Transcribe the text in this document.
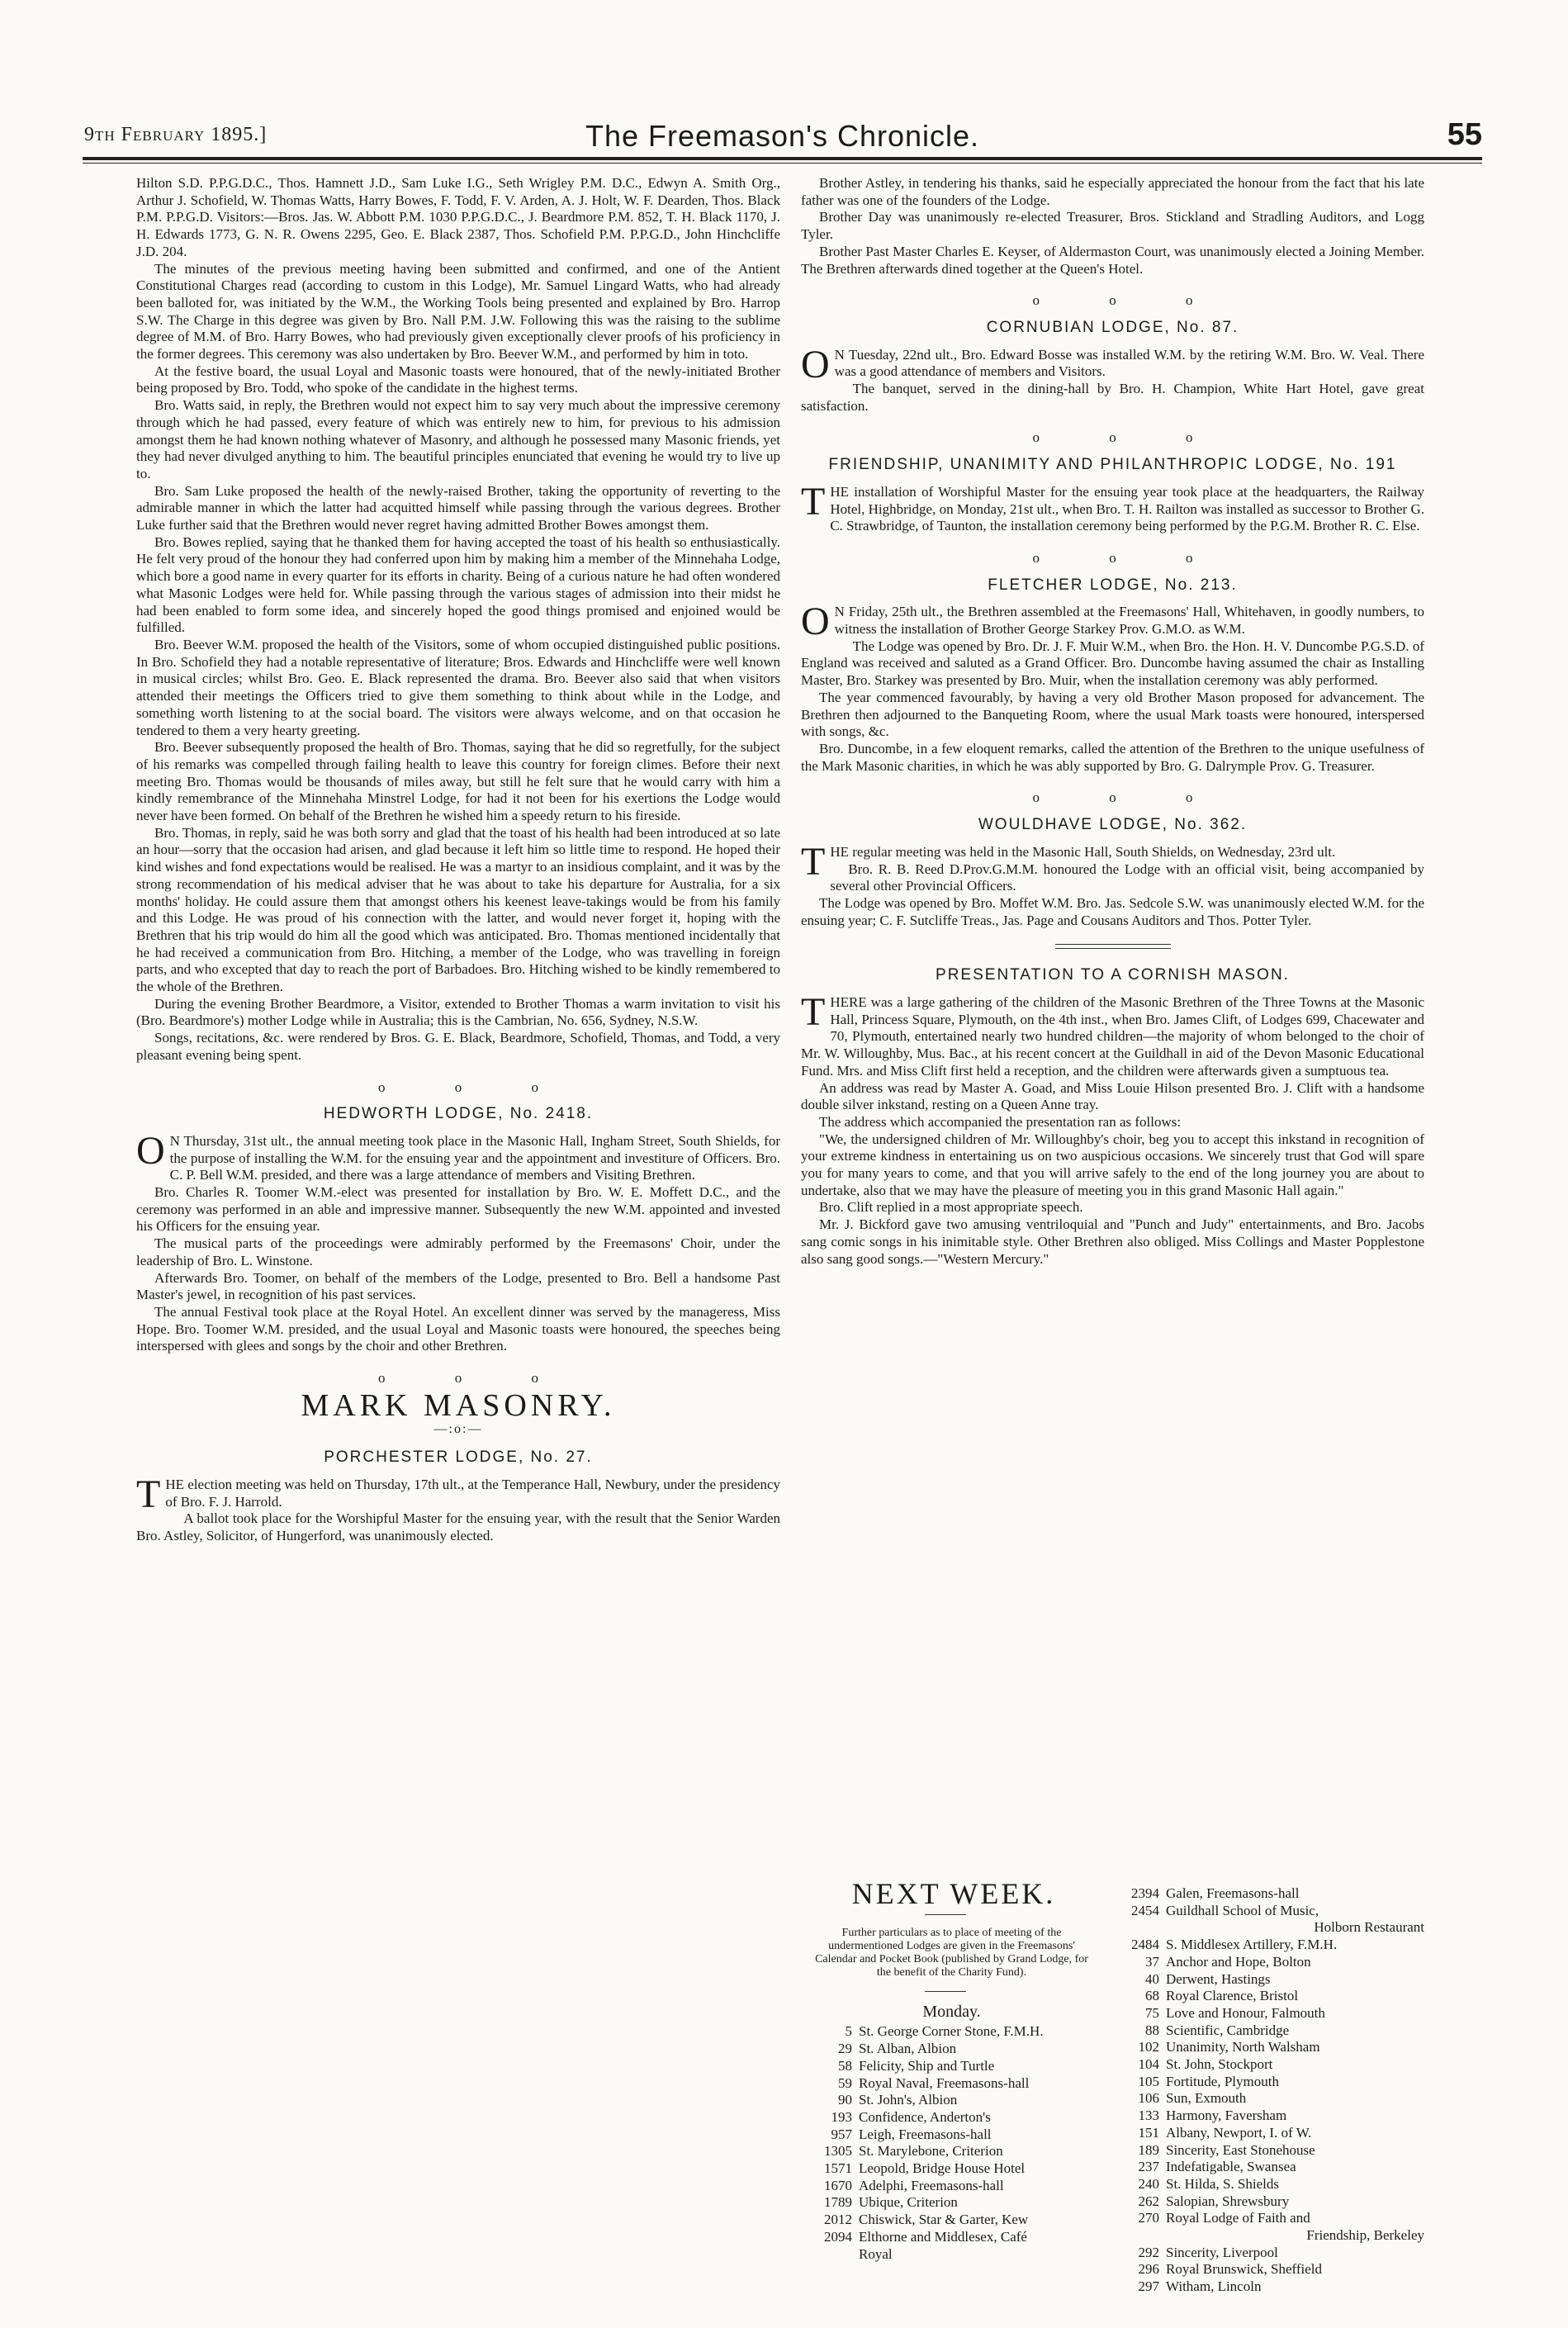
9th February 1895.]	The Freemason's Chronicle.	55

Hilton S.D. P.P.G.D.C., Thos. Hamnett J.D., Sam Luke I.G., Seth Wrigley P.M. D.C., Edwyn A. Smith Org., Arthur J. Schofield, W. Thomas Watts, Harry Bowes, F. Todd, F. V. Arden, A. J. Holt, W. F. Dearden, Thos. Black P.M. P.P.G.D. Visitors:—Bros. Jas. W. Abbott P.M. 1030 P.P.G.D.C., J. Beardmore P.M. 852, T. H. Black 1170, J. H. Edwards 1773, G. N. R. Owens 2295, Geo. E. Black 2387, Thos. Schofield P.M. P.P.G.D., John Hinchcliffe J.D. 204.

The minutes of the previous meeting having been submitted and confirmed, and one of the Antient Constitutional Charges read (according to custom in this Lodge), Mr. Samuel Lingard Watts, who had already been balloted for, was initiated by the W.M., the Working Tools being presented and explained by Bro. Harrop S.W. The Charge in this degree was given by Bro. Nall P.M. J.W. Following this was the raising to the sublime degree of M.M. of Bro. Harry Bowes, who had previously given exceptionally clever proofs of his proficiency in the former degrees. This ceremony was also undertaken by Bro. Beever W.M., and performed by him in toto.

At the festive board, the usual Loyal and Masonic toasts were honoured, that of the newly-initiated Brother being proposed by Bro. Todd, who spoke of the candidate in the highest terms.

Bro. Watts said, in reply, the Brethren would not expect him to say very much about the impressive ceremony through which he had passed, every feature of which was entirely new to him, for previous to his admission amongst them he had known nothing whatever of Masonry, and although he possessed many Masonic friends, yet they had never divulged anything to him. The beautiful principles enunciated that evening he would try to live up to.

Bro. Sam Luke proposed the health of the newly-raised Brother, taking the opportunity of reverting to the admirable manner in which the latter had acquitted himself while passing through the various degrees. Brother Luke further said that the Brethren would never regret having admitted Brother Bowes amongst them.

Bro. Bowes replied, saying that he thanked them for having accepted the toast of his health so enthusiastically. He felt very proud of the honour they had conferred upon him by making him a member of the Minnehaha Lodge, which bore a good name in every quarter for its efforts in charity. Being of a curious nature he had often wondered what Masonic Lodges were held for. While passing through the various stages of admission into their midst he had been enabled to form some idea, and sincerely hoped the good things promised and enjoined would be fulfilled.

Bro. Beever W.M. proposed the health of the Visitors, some of whom occupied distinguished public positions. In Bro. Schofield they had a notable representative of literature; Bros. Edwards and Hinchcliffe were well known in musical circles; whilst Bro. Geo. E. Black represented the drama. Bro. Beever also said that when visitors attended their meetings the Officers tried to give them something to think about while in the Lodge, and something worth listening to at the social board. The visitors were always welcome, and on that occasion he tendered to them a very hearty greeting.

Bro. Beever subsequently proposed the health of Bro. Thomas, saying that he did so regretfully, for the subject of his remarks was compelled through failing health to leave this country for foreign climes. Before their next meeting Bro. Thomas would be thousands of miles away, but still he felt sure that he would carry with him a kindly remembrance of the Minnehaha Minstrel Lodge, for had it not been for his exertions the Lodge would never have been formed. On behalf of the Brethren he wished him a speedy return to his fireside.

Bro. Thomas, in reply, said he was both sorry and glad that the toast of his health had been introduced at so late an hour—sorry that the occasion had arisen, and glad because it left him so little time to respond. He hoped their kind wishes and fond expectations would be realised. He was a martyr to an insidious complaint, and it was by the strong recommendation of his medical adviser that he was about to take his departure for Australia, for a six months' holiday. He could assure them that amongst others his keenest leave-takings would be from his family and this Lodge. He was proud of his connection with the latter, and would never forget it, hoping with the Brethren that his trip would do him all the good which was anticipated. Bro. Thomas mentioned incidentally that he had received a communication from Bro. Hitching, a member of the Lodge, who was travelling in foreign parts, and who excepted that day to reach the port of Barbadoes. Bro. Hitching wished to be kindly remembered to the whole of the Brethren.

During the evening Brother Beardmore, a Visitor, extended to Brother Thomas a warm invitation to visit his (Bro. Beardmore's) mother Lodge while in Australia; this is the Cambrian, No. 656, Sydney, N.S.W.

Songs, recitations, &c. were rendered by Bros. G. E. Black, Beardmore, Schofield, Thomas, and Todd, a very pleasant evening being spent.

o o o
HEDWORTH LODGE, No. 2418.

O N Thursday, 31st ult., the annual meeting took place in the Masonic Hall, Ingham Street, South Shields, for the purpose of installing the W.M. for the ensuing year and the appointment and investiture of Officers. Bro. C. P. Bell W.M. presided, and there was a large attendance of members and Visiting Brethren.

Bro. Charles R. Toomer W.M.-elect was presented for installation by Bro. W. E. Moffett D.C., and the ceremony was performed in an able and impressive manner. Subsequently the new W.M. appointed and invested his Officers for the ensuing year.

The musical parts of the proceedings were admirably performed by the Freemasons' Choir, under the leadership of Bro. L. Winstone.

Afterwards Bro. Toomer, on behalf of the members of the Lodge, presented to Bro. Bell a handsome Past Master's jewel, in recognition of his past services.

The annual Festival took place at the Royal Hotel. An excellent dinner was served by the manageress, Miss Hope. Bro. Toomer W.M. presided, and the usual Loyal and Masonic toasts were honoured, the speeches being interspersed with glees and songs by the choir and other Brethren.

o o o
MARK MASONRY.
—:o:—
PORCHESTER LODGE, No. 27.

THE election meeting was held on Thursday, 17th ult., at the Temperance Hall, Newbury, under the presidency of Bro. F. J. Harrold.

A ballot took place for the Worshipful Master for the ensuing year, with the result that the Senior Warden Bro. Astley, Solicitor, of Hungerford, was unanimously elected.

Brother Astley, in tendering his thanks, said he especially appreciated the honour from the fact that his late father was one of the founders of the Lodge.

Brother Day was unanimously re-elected Treasurer, Bros. Stickland and Stradling Auditors, and Logg Tyler.

Brother Past Master Charles E. Keyser, of Aldermaston Court, was unanimously elected a Joining Member. The Brethren afterwards dined together at the Queen's Hotel.

o o o
CORNUBIAN LODGE, No. 87.

O N Tuesday, 22nd ult., Bro. Edward Bosse was installed W.M. by the retiring W.M. Bro. W. Veal. There was a good attendance of members and Visitors.

The banquet, served in the dining-hall by Bro. H. Champion, White Hart Hotel, gave great satisfaction.

o o o
FRIENDSHIP, UNANIMITY AND PHILANTHROPIC LODGE, No. 191

THE installation of Worshipful Master for the ensuing year took place at the headquarters, the Railway Hotel, Highbridge, on Monday, 21st ult., when Bro. T. H. Railton was installed as successor to Brother G. C. Strawbridge, of Taunton, the installation ceremony being performed by the P.G.M. Brother R. C. Else.

o o o
FLETCHER LODGE, No. 213.

O N Friday, 25th ult., the Brethren assembled at the Freemasons' Hall, Whitehaven, in goodly numbers, to witness the installation of Brother George Starkey Prov. G.M.O. as W.M.

The Lodge was opened by Bro. Dr. J. F. Muir W.M., when Bro. the Hon. H. V. Duncombe P.G.S.D. of England was received and saluted as a Grand Officer. Bro. Duncombe having assumed the chair as Installing Master, Bro. Starkey was presented by Bro. Muir, when the installation ceremony was ably performed.

The year commenced favourably, by having a very old Brother Mason proposed for advancement. The Brethren then adjourned to the Banqueting Room, where the usual Mark toasts were honoured, interspersed with songs, &c.

Bro. Duncombe, in a few eloquent remarks, called the attention of the Brethren to the unique usefulness of the Mark Masonic charities, in which he was ably supported by Bro. G. Dalrymple Prov. G. Treasurer.

o o o
WOULDHAVE LODGE, No. 362.

THE regular meeting was held in the Masonic Hall, South Shields, on Wednesday, 23rd ult.

Bro. R. B. Reed D.Prov.G.M.M. honoured the Lodge with an official visit, being accompanied by several other Provincial Officers.

The Lodge was opened by Bro. Moffet W.M. Bro. Jas. Sedcole S.W. was unanimously elected W.M. for the ensuing year; C. F. Sutcliffe Treas., Jas. Page and Cousans Auditors and Thos. Potter Tyler.

PRESENTATION TO A CORNISH MASON.

THERE was a large gathering of the children of the Masonic Brethren of the Three Towns at the Masonic Hall, Princess Square, Plymouth, on the 4th inst., when Bro. James Clift, of Lodges 699, Chacewater and 70, Plymouth, entertained nearly two hundred children—the majority of whom belonged to the choir of Mr. W. Willoughby, Mus. Bac., at his recent concert at the Guildhall in aid of the Devon Masonic Educational Fund. Mrs. and Miss Clift first held a reception, and the children were afterwards given a sumptuous tea.

An address was read by Master A. Goad, and Miss Louie Hilson presented Bro. J. Clift with a handsome double silver inkstand, resting on a Queen Anne tray.

The address which accompanied the presentation ran as follows:

"We, the undersigned children of Mr. Willoughby's choir, beg you to accept this inkstand in recognition of your extreme kindness in entertaining us on two auspicious occasions. We sincerely trust that God will spare you for many years to come, and that you will arrive safely to the end of the long journey you are about to undertake, also that we may have the pleasure of meeting you in this grand Masonic Hall again."

Bro. Clift replied in a most appropriate speech.

Mr. J. Bickford gave two amusing ventriloquial and "Punch and Judy" entertainments, and Bro. Jacobs sang comic songs in his inimitable style. Other Brethren also obliged. Miss Collings and Master Popplestone also sang good songs.—"Western Mercury."

NEXT WEEK.
Further particulars as to place of meeting of the undermentioned Lodges are given in the Freemasons' Calendar and Pocket Book (published by Grand Lodge, for the benefit of the Charity Fund).
Monday.
5 St. George Corner Stone, F.M.H.
29 St. Alban, Albion
58 Felicity, Ship and Turtle
59 Royal Naval, Freemasons-hall
90 St. John's, Albion
193 Confidence, Anderton's
957 Leigh, Freemasons-hall
1305 St. Marylebone, Criterion
1571 Leopold, Bridge House Hotel
1670 Adelphi, Freemasons-hall
1789 Ubique, Criterion
2012 Chiswick, Star & Garter, Kew
2094 Elthorne and Middlesex, Café
Royal
2394 Galen, Freemasons-hall
2454 Guildhall School of Music,
Holborn Restaurant
2484 S. Middlesex Artillery, F.M.H.
37 Anchor and Hope, Bolton
40 Derwent, Hastings
68 Royal Clarence, Bristol
75 Love and Honour, Falmouth
88 Scientific, Cambridge
102 Unanimity, North Walsham
104 St. John, Stockport
105 Fortitude, Plymouth
106 Sun, Exmouth
133 Harmony, Faversham
151 Albany, Newport, I. of W.
189 Sincerity, East Stonehouse
237 Indefatigable, Swansea
240 St. Hilda, S. Shields
262 Salopian, Shrewsbury
270 Royal Lodge of Faith and
Friendship, Berkeley
292 Sincerity, Liverpool
296 Royal Brunswick, Sheffield
297 Witham, Lincoln
